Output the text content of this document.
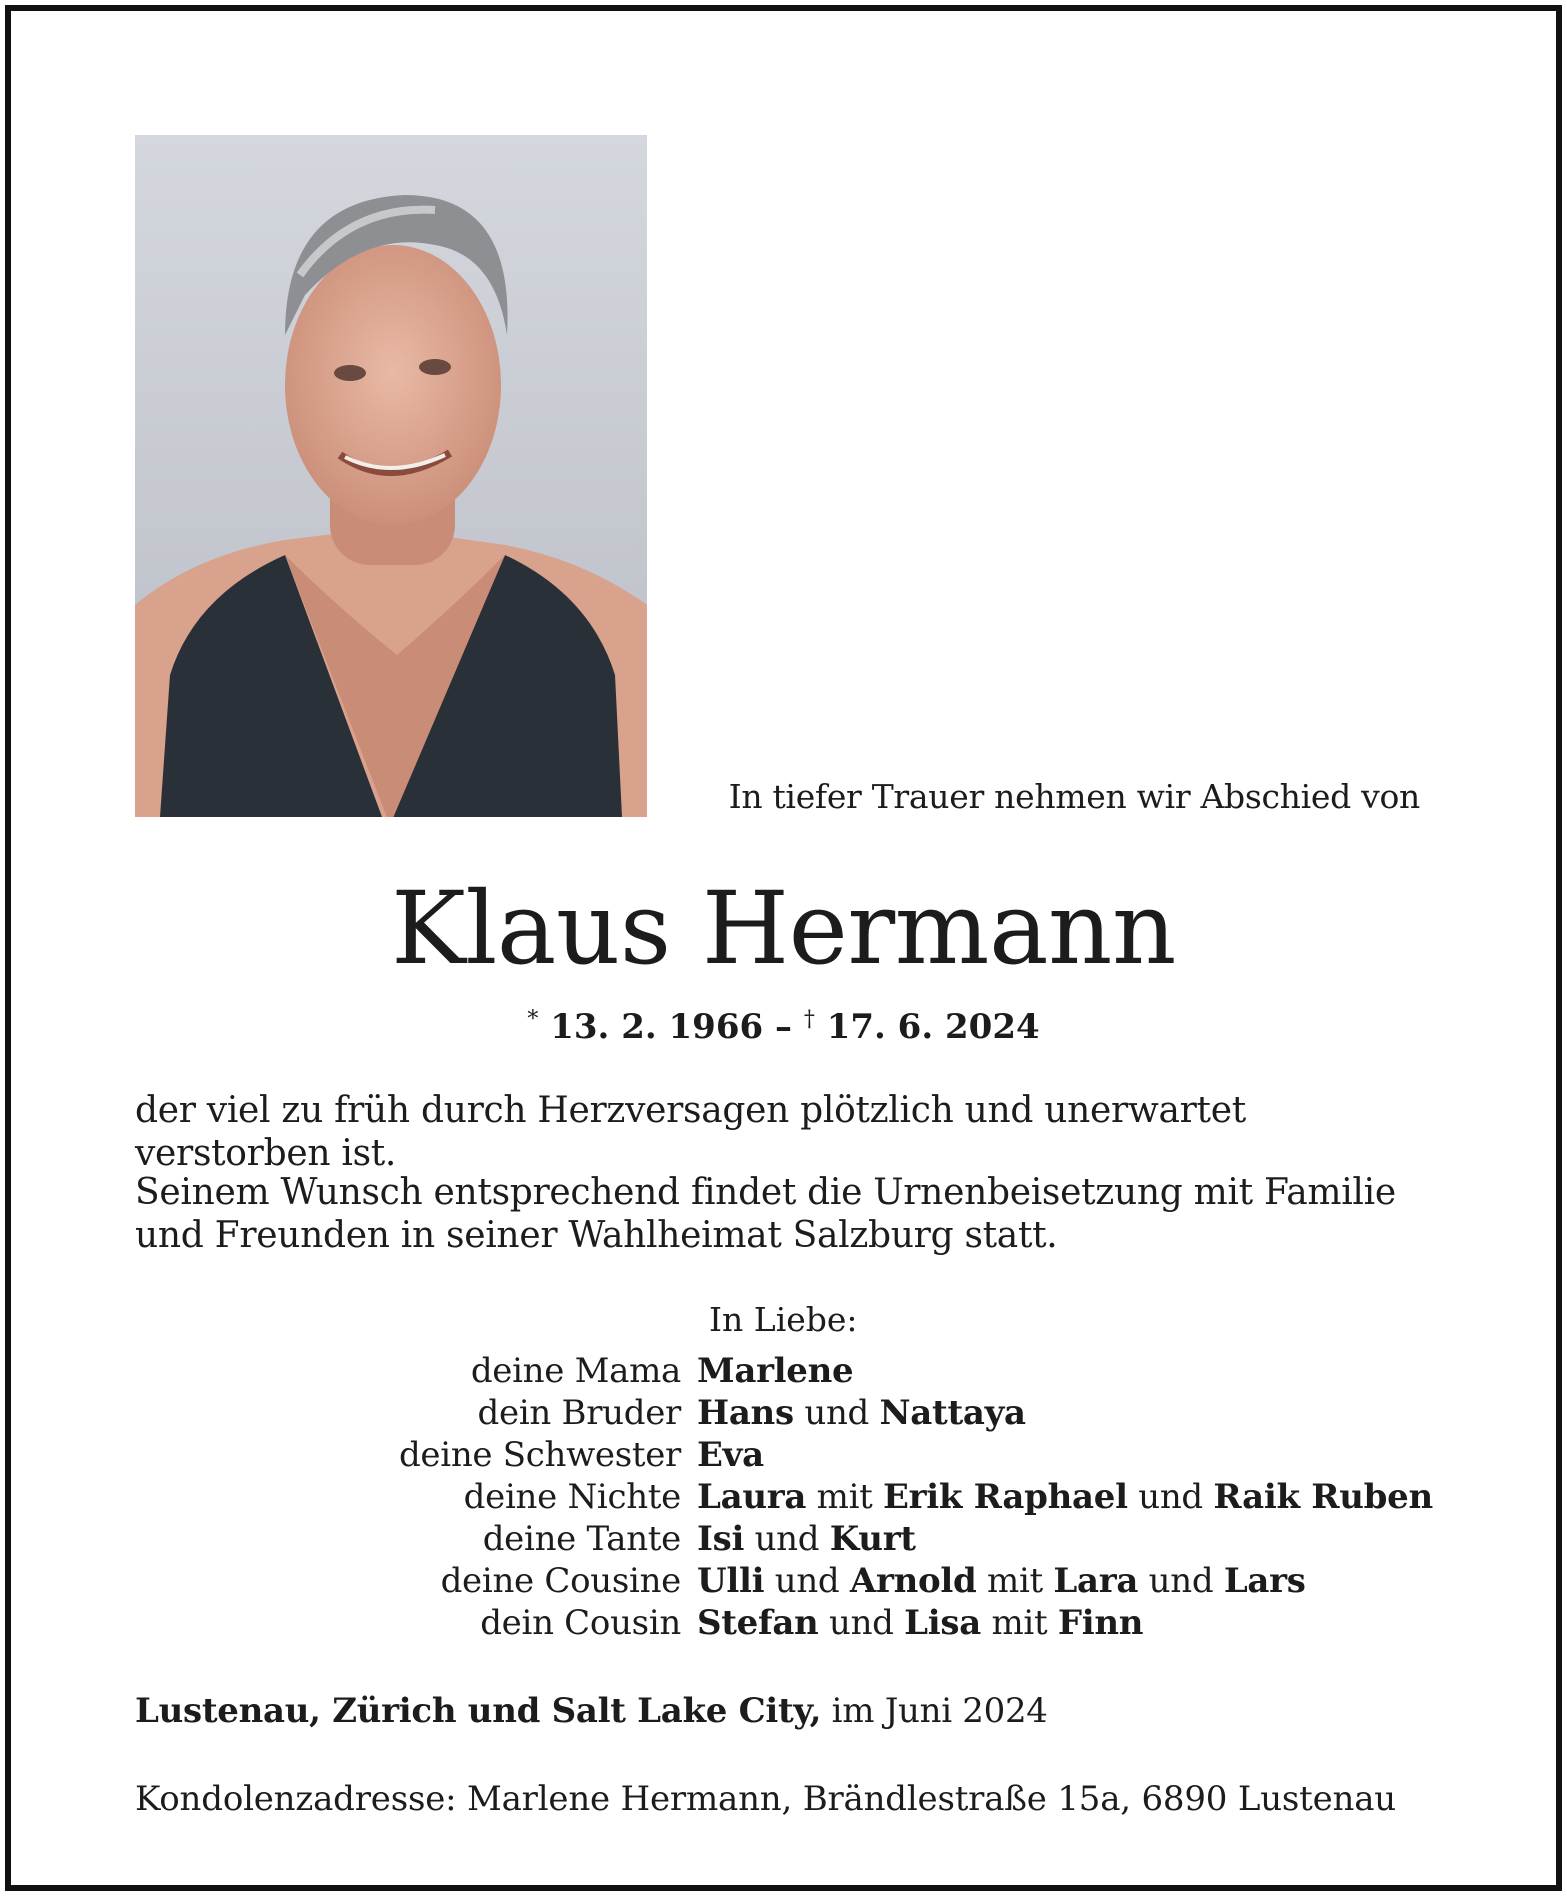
In tiefer Trauer nehmen wir Abschied von
Klaus Hermann
* 13. 2. 1966 – † 17. 6. 2024
der viel zu früh durch Herzversagen plötzlich und unerwartet verstorben ist.
Seinem Wunsch entsprechend findet die Urnenbeisetzung mit Familie und Freunden in seiner Wahlheimat Salzburg statt.
In Liebe:
deine Mama Marlene
dein Bruder Hans und Nattaya
deine Schwester Eva
deine Nichte Laura mit Erik Raphael und Raik Ruben
deine Tante Isi und Kurt
deine Cousine Ulli und Arnold mit Lara und Lars
dein Cousin Stefan und Lisa mit Finn
Lustenau, Zürich und Salt Lake City, im Juni 2024
Kondolenzadresse: Marlene Hermann, Brändlestraße 15a, 6890 Lustenau
